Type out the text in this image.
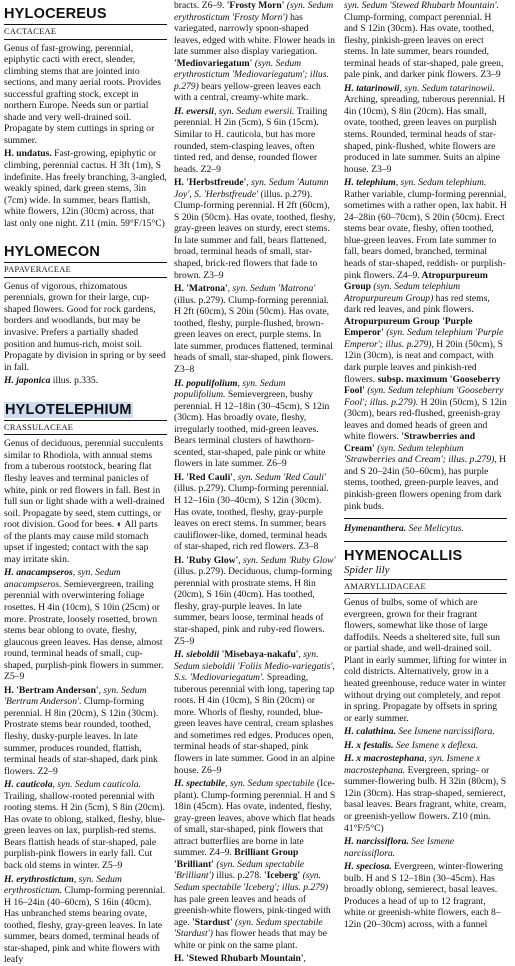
HYLOCEREUS
CACTACEAE

Genus of fast-growing, perennial, epiphytic cacti with erect, slender, climbing stems that are jointed into sections, and many aerial roots. Provides successful grafting stock, except in northern Europe. Needs sun or partial shade and very well-drained soil. Propagate by stem cuttings in spring or summer.

H. undatus. Fast-growing, epiphytic or climbing, perennial cactus. H 3ft (1m), S indefinite. Has freely branching, 3-angled, weakly spined, dark green stems, 3in (7cm) wide. In summer, bears flattish, white flowers, 12in (30cm) across, that last only one night. Z11 (min. 59°F/15°C)

HYLOMECON
PAPAVERACEAE

Genus of vigorous, rhizomatous perennials, grown for their large, cup-shaped flowers. Good for rock gardens, borders and woodlands, but may be invasive. Prefers a partially shaded position and humus-rich, moist soil. Propagate by division in spring or by seed in fall.

H. japonica illus. p.335.

HYLOTELEPHIUM
CRASSULACEAE

Genus of deciduous, perennial succulents similar to Rhodiola, with annual stems from a tuberous rootstock, bearing flat fleshy leaves and terminal panicles of white, pink or red flowers in fall. Best in full sun or light shade with a well-drained soil. Propagate by seed, stem cuttings, or root division. Good for bees. ◐ All parts of the plants may cause mild stomach upset if ingested; contact with the sap may irritate skin.

H. anacampseros, syn. Sedum anacampseros. Semievergreen, trailing perennial with overwintering foliage rosettes. H 4in (10cm), S 10in (25cm) or more. Prostrate, loosely rosetted, brown stems bear oblong to ovate, fleshy, glaucous green leaves. Has dense, almost round, terminal heads of small, cup-shaped, purplish-pink flowers in summer. Z5–9

H. 'Bertram Anderson', syn. Sedum 'Bertram Anderson'. Clump-forming perennial. H 8in (20cm), S 12in (30cm). Prostrate stems bear rounded, toothed, fleshy, dusky-purple leaves. In late summer, produces rounded, flattish, terminal heads of star-shaped, dark pink flowers. Z2–9

H. cauticola, syn. Sedum cauticola. Trailing, shallow-rooted perennial with rooting stems. H 2in (5cm), S 8in (20cm). Has ovate to oblong, stalked, fleshy, blue-green leaves on lax, purplish-red stems. Bears flattish heads of star-shaped, pale purplish-pink flowers in early fall. Cut back old stems in winter. Z5–9

H. erythrostictum, syn. Sedum erythrostictum. Clump-forming perennial. H 16–24in (40–60cm), S 16in (40cm). Has unbranched stems bearing ovate, toothed, fleshy, gray-green leaves. In late summer, bears domed, terminal heads of star-shaped, pink and white flowers with leafy

bracts. Z6–9. 'Frosty Morn' (syn. Sedum erythrostictum 'Frosty Morn') has variegated, narrowly spoon-shaped leaves, edged with white. Flower heads in late summer also display variegation. 'Mediovariegatum' (syn. Sedum erythrostictum 'Mediovariegatum'; illus. p.279) bears yellow-green leaves each with a central, creamy-white mark.

H. ewersii, syn. Sedum ewersii. Trailing perennial. H 2in (5cm), S 6in (15cm). Similar to H. cauticola, but has more rounded, stem-clasping leaves, often tinted red, and dense, rounded flower heads. Z2–9

H. 'Herbstfreude', syn. Sedum 'Autumn Joy', S. 'Herbstfreude' (illus. p.279). Clump-forming perennial. H 2ft (60cm), S 20in (50cm). Has ovate, toothed, fleshy, gray-green leaves on sturdy, erect stems. In late summer and fall, bears flattened, broad, terminal heads of small, star-shaped, brick-red flowers that fade to brown. Z3–9

H. 'Matrona', syn. Sedum 'Matrona' (illus. p.279). Clump-forming perennial. H 2ft (60cm), S 20in (50cm). Has ovate, toothed, fleshy, purple-flushed, brown-green leaves on erect, purple stems. In late summer, produces flattened, terminal heads of small, star-shaped, pink flowers. Z3–8

H. populifolium, syn. Sedum populifolium. Semievergreen, bushy perennial. H 12–18in (30–45cm), S 12in (30cm). Has broadly ovate, fleshy, irregularly toothed, mid-green leaves. Bears terminal clusters of hawthorn-scented, star-shaped, pale pink or white flowers in late summer. Z6–9

H. 'Red Cauli', syn. Sedum 'Red Cauli' (illus. p.279). Clump-forming perennial. H 12–16in (30–40cm), S 12in (30cm). Has ovate, toothed, fleshy, gray-purple leaves on erect stems. In summer, bears cauliflower-like, domed, terminal heads of star-shaped, rich red flowers. Z3–8

H. 'Ruby Glow', syn. Sedum 'Ruby Glow' (illus. p.279). Deciduous, clump-forming perennial with prostrate stems. H 8in (20cm), S 16in (40cm). Has toothed, fleshy, gray-purple leaves. In late summer, bears loose, terminal heads of star-shaped, pink and ruby-red flowers. Z5–9

H. sieboldii 'Misebaya-nakafu', syn. Sedum sieboldii 'Foliis Medio-variegatis', S.s. 'Mediovariegatum'. Spreading, tuberous perennial with long, tapering tap roots. H 4in (10cm), S 8in (20cm) or more. Whorls of fleshy, rounded, blue-green leaves have central, cream splashes and sometimes red edges. Produces open, terminal heads of star-shaped, pink flowers in late summer. Good in an alpine house. Z6–9

H. spectabile, syn. Sedum spectabile (Ice-plant). Clump-forming perennial. H and S 18in (45cm). Has ovate, indented, fleshy, gray-green leaves, above which flat heads of small, star-shaped, pink flowers that attract butterflies are borne in late summer. Z4–9. Brilliant Group 'Brilliant' (syn. Sedum spectabile 'Brilliant') illus. p.278. 'Iceberg' (syn. Sedum spectabile 'Iceberg'; illus. p.279) has pale green leaves and heads of greenish-white flowers, pink-tinged with age. 'Stardust' (syn. Sedum spectabile 'Stardust') has flower heads that may be white or pink on the same plant.

H. 'Stewed Rhubarb Mountain',

syn. Sedum 'Stewed Rhubarb Mountain'. Clump-forming, compact perennial. H and S 12in (30cm). Has ovate, toothed, fleshy, pinkish-green leaves on erect stems. In late summer, bears rounded, terminal heads of star-shaped, pale green, pale pink, and darker pink flowers. Z3–9

H. tatarinowii, syn. Sedum tatarinowii. Arching, spreading, tuberous perennial. H 4in (10cm), S 8in (20cm). Has small, ovate, toothed, green leaves on purplish stems. Rounded, terminal heads of star-shaped, pink-flushed, white flowers are produced in late summer. Suits an alpine house. Z3–9

H. telephium, syn. Sedum telephium. Rather variable, clump-forming perennial, sometimes with a rather open, lax habit. H 24–28in (60–70cm), S 20in (50cm). Erect stems bear ovate, fleshy, often toothed, blue-green leaves. From late summer to fall, bears domed, branched, terminal heads of star-shaped, reddish- or purplish-pink flowers. Z4–9. Atropurpureum Group (syn. Sedum telephium Atropurpureum Group) has red stems, dark red leaves, and pink flowers. Atropurpureum Group 'Purple Emperor' (syn. Sedum telephium 'Purple Emperor'; illus. p.279), H 20in (50cm), S 12in (30cm), is neat and compact, with dark purple leaves and pinkish-red flowers. subsp. maximum 'Gooseberry Fool' (syn. Sedum telephium 'Gooseberry Fool'; illus. p.279). H 20in (50cm), S 12in (30cm), bears red-flushed, greenish-gray leaves and domed heads of green and white flowers. 'Strawberries and Cream' (syn. Sedum telephium 'Strawberries and Cream'; illus. p.279), H and S 20–24in (50–60cm), has purple stems, toothed, green-purple leaves, and pinkish-green flowers opening from dark pink buds.

Hymenanthera. See Melicytus.

HYMENOCALLIS
Spider lily
AMARYLLIDACEAE

Genus of bulbs, some of which are evergreen, grown for their fragrant flowers, somewhat like those of large daffodils. Needs a sheltered site, full sun or partial shade, and well-drained soil. Plant in early summer, lifting for winter in cold districts. Alternatively, grow in a heated greenhouse, reduce water in winter without drying out completely, and repot in spring. Propagate by offsets in spring or early summer.

H. calathina. See Ismene narcissiflora.

H. x festalis. See Ismene x deflexa.

H. x macrostephana, syn. Ismene x macrostephana. Evergreen, spring- or summer-flowering bulb. H 32in (80cm), S 12in (30cm). Has strap-shaped, semierect, basal leaves. Bears fragrant, white, cream, or greenish-yellow flowers. Z10 (min. 41°F/5°C)

H. narcissiflora. See Ismene narcissiflora.

H. speciosa. Evergreen, winter-flowering bulb. H and S 12–18in (30–45cm). Has broadly oblong, semierect, basal leaves. Produces a head of up to 12 fragrant, white or greenish-white flowers, each 8–12in (20–30cm) across, with a funnel
